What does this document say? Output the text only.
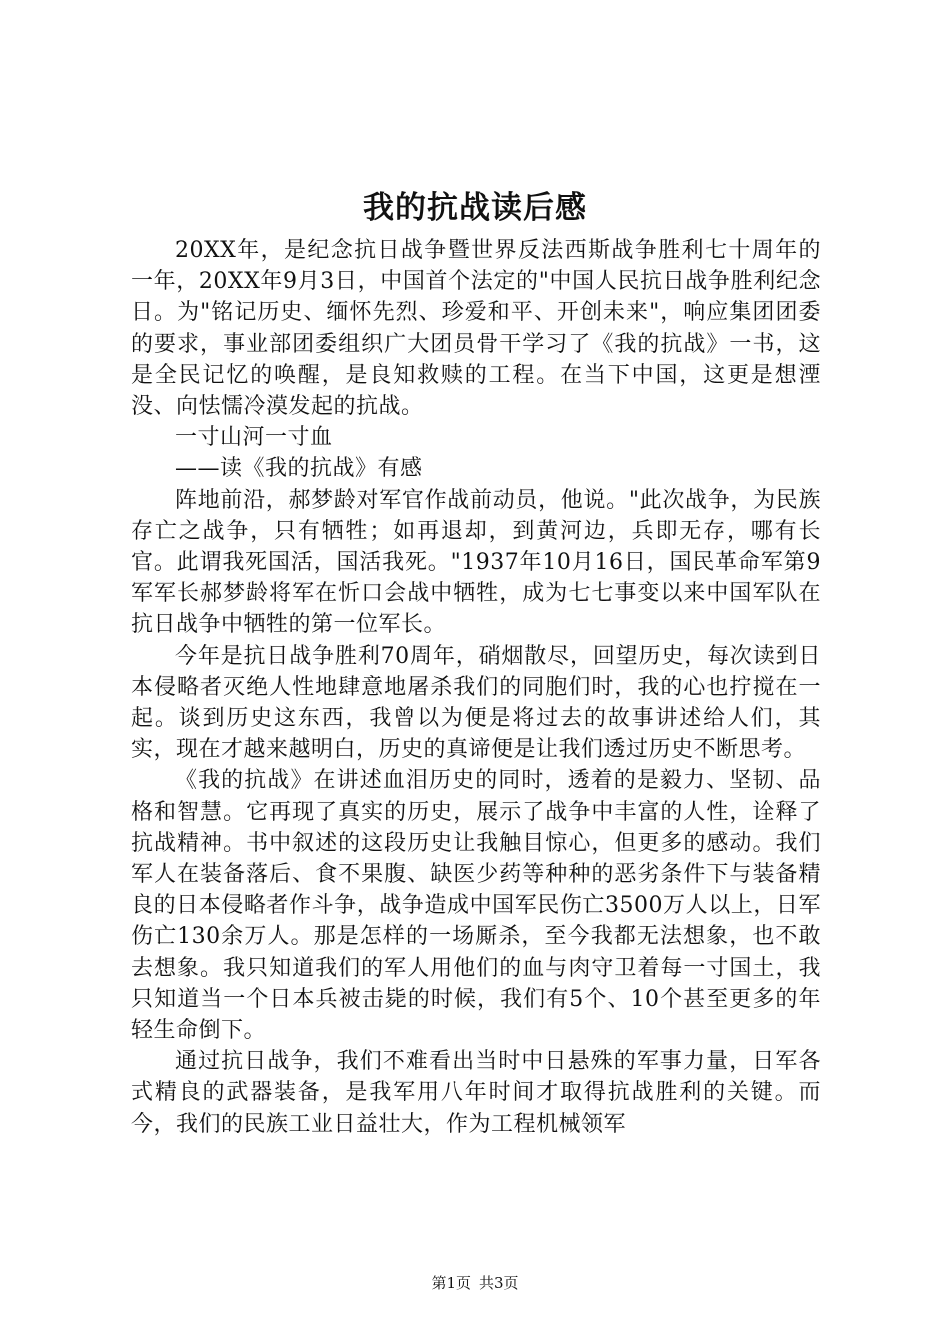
我的抗战读后感

20XX年，是纪念抗日战争暨世界反法西斯战争胜利七十周年的一年，20XX年9月3日，中国首个法定的"中国人民抗日战争胜利纪念日。为"铭记历史、缅怀先烈、珍爱和平、开创未来"，响应集团团委的要求，事业部团委组织广大团员骨干学习了《我的抗战》一书，这是全民记忆的唤醒，是良知救赎的工程。在当下中国，这更是想湮没、向怯懦冷漠发起的抗战。

一寸山河一寸血

——读《我的抗战》有感

阵地前沿，郝梦龄对军官作战前动员，他说。"此次战争，为民族存亡之战争，只有牺牲；如再退却，到黄河边，兵即无存，哪有长官。此谓我死国活，国活我死。"1937年10月16日，国民革命军第9军军长郝梦龄将军在忻口会战中牺牲，成为七七事变以来中国军队在抗日战争中牺牲的第一位军长。

今年是抗日战争胜利70周年，硝烟散尽，回望历史，每次读到日本侵略者灭绝人性地肆意地屠杀我们的同胞们时，我的心也拧搅在一起。谈到历史这东西，我曾以为便是将过去的故事讲述给人们，其实，现在才越来越明白，历史的真谛便是让我们透过历史不断思考。

《我的抗战》在讲述血泪历史的同时，透着的是毅力、坚韧、品格和智慧。它再现了真实的历史，展示了战争中丰富的人性，诠释了抗战精神。书中叙述的这段历史让我触目惊心，但更多的感动。我们军人在装备落后、食不果腹、缺医少药等种种的恶劣条件下与装备精良的日本侵略者作斗争，战争造成中国军民伤亡3500万人以上，日军伤亡130余万人。那是怎样的一场厮杀，至今我都无法想象，也不敢去想象。我只知道我们的军人用他们的血与肉守卫着每一寸国土，我只知道当一个日本兵被击毙的时候，我们有5个、10个甚至更多的年轻生命倒下。

通过抗日战争，我们不难看出当时中日悬殊的军事力量，日军各式精良的武器装备，是我军用八年时间才取得抗战胜利的关键。而今，我们的民族工业日益壮大，作为工程机械领军

第1页 共3页
